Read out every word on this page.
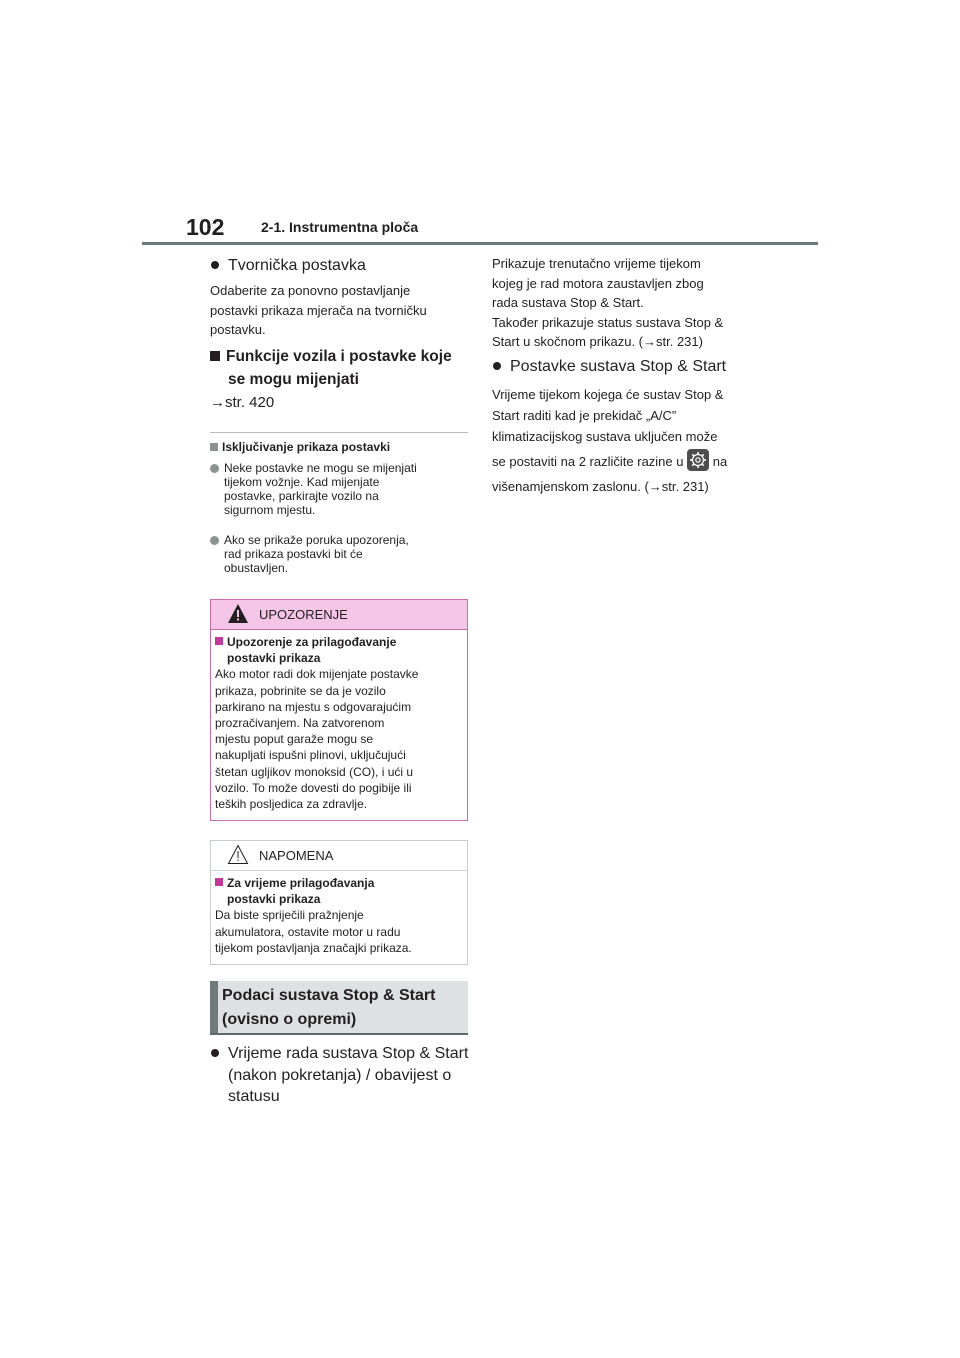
102	2-1. Instrumentna ploča
Tvornička postavka
Odaberite za ponovno postavljanje
postavki prikaza mjerača na tvorničku
postavku.
Funkcije vozila i postavke koje
se mogu mijenjati
→str. 420
Isključivanje prikaza postavki
Neke postavke ne mogu se mijenjati
tijekom vožnje. Kad mijenjate
postavke, parkirajte vozilo na
sigurnom mjestu.
Ako se prikaže poruka upozorenja,
rad prikaza postavki bit će
obustavljen.
UPOZORENJE
Upozorenje za prilagođavanje
postavki prikaza
Ako motor radi dok mijenjate postavke
prikaza, pobrinite se da je vozilo
parkirano na mjestu s odgovarajućim
prozračivanjem. Na zatvorenom
mjestu poput garaže mogu se
nakupljati ispušni plinovi, uključujući
štetan ugljikov monoksid (CO), i ući u
vozilo. To može dovesti do pogibije ili
teških posljedica za zdravlje.
NAPOMENA
Za vrijeme prilagođavanja
postavki prikaza
Da biste spriječili pražnjenje
akumulatora, ostavite motor u radu
tijekom postavljanja značajki prikaza.
Podaci sustava Stop & Start
(ovisno o opremi)
Vrijeme rada sustava Stop & Start
(nakon pokretanja) / obavijest o
statusu
Prikazuje trenutačno vrijeme tijekom
kojeg je rad motora zaustavljen zbog
rada sustava Stop & Start.
Također prikazuje status sustava Stop &
Start u skočnom prikazu. (→str. 231)
Postavke sustava Stop & Start
Vrijeme tijekom kojega će sustav Stop &
Start raditi kad je prekidač „A/C”
klimatizacijskog sustava uključen može
se postaviti na 2 različite razine u na
višenamjenskom zaslonu. (→str. 231)
